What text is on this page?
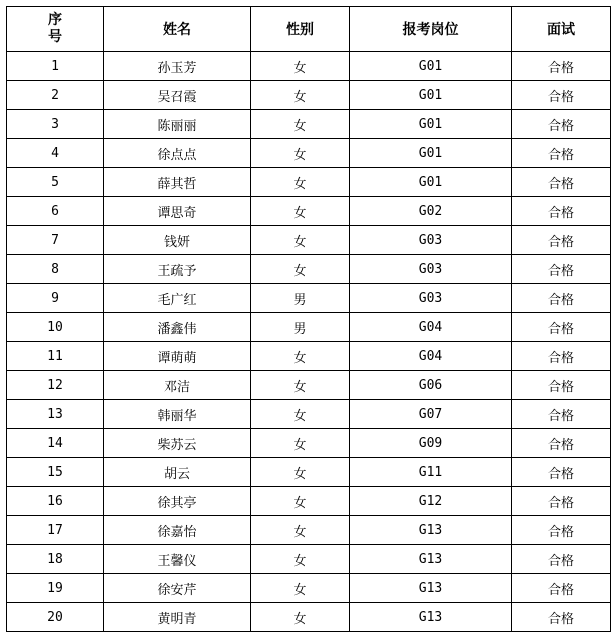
序
号	姓名	性别	报考岗位	面试
1	孙玉芳	女	G01	合格
2	吴召霞	女	G01	合格
3	陈丽丽	女	G01	合格
4	徐点点	女	G01	合格
5	薛其哲	女	G01	合格
6	谭思奇	女	G02	合格
7	钱妍	女	G03	合格
8	王疏予	女	G03	合格
9	毛广红	男	G03	合格
10	潘鑫伟	男	G04	合格
11	谭萌萌	女	G04	合格
12	邓洁	女	G06	合格
13	韩丽华	女	G07	合格
14	柴苏云	女	G09	合格
15	胡云	女	G11	合格
16	徐其亭	女	G12	合格
17	徐嘉怡	女	G13	合格
18	王馨仪	女	G13	合格
19	徐安芹	女	G13	合格
20	黄明青	女	G13	合格
